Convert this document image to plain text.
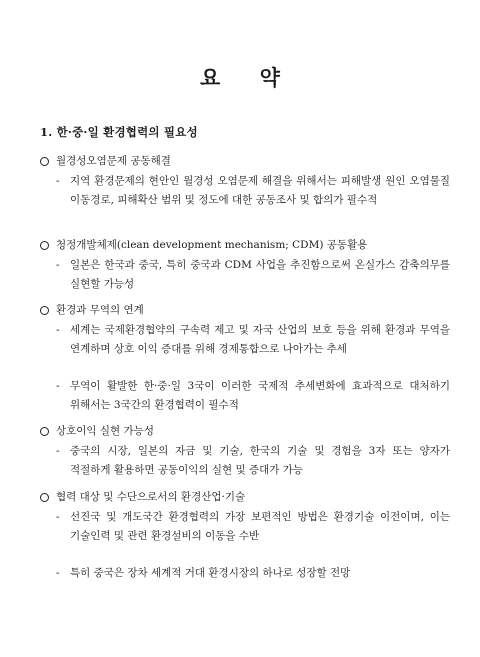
요 약
1. 한·중·일 환경협력의 필요성
월경성오염문제 공동해결
- 지역 환경문제의 현안인 월경성 오염문제 해결을 위해서는 피해발생 원인 오염물질 이동경로, 피해확산 범위 및 정도에 대한 공동조사 및 합의가 필수적
청정개발체제(clean development mechanism; CDM) 공동활용
- 일본은 한국과 중국, 특히 중국과 CDM 사업을 추진함으로써 온실가스 감축의무를 실현할 가능성
환경과 무역의 연계
- 세계는 국제환경협약의 구속력 제고 및 자국 산업의 보호 등을 위해 환경과 무역을 연계하며 상호 이익 증대를 위해 경제통합으로 나아가는 추세
- 무역이 활발한 한·중·일 3국이 이러한 국제적 추세변화에 효과적으로 대처하기 위해서는 3국간의 환경협력이 필수적
상호이익 실현 가능성
- 중국의 시장, 일본의 자금 및 기술, 한국의 기술 및 경험을 3자 또는 양자가 적절하게 활용하면 공동이익의 실현 및 증대가 가능
협력 대상 및 수단으로서의 환경산업·기술
- 선진국 및 개도국간 환경협력의 가장 보편적인 방법은 환경기술 이전이며, 이는 기술인력 및 관련 환경설비의 이동을 수반
- 특히 중국은 장차 세계적 거대 환경시장의 하나로 성장할 전망
